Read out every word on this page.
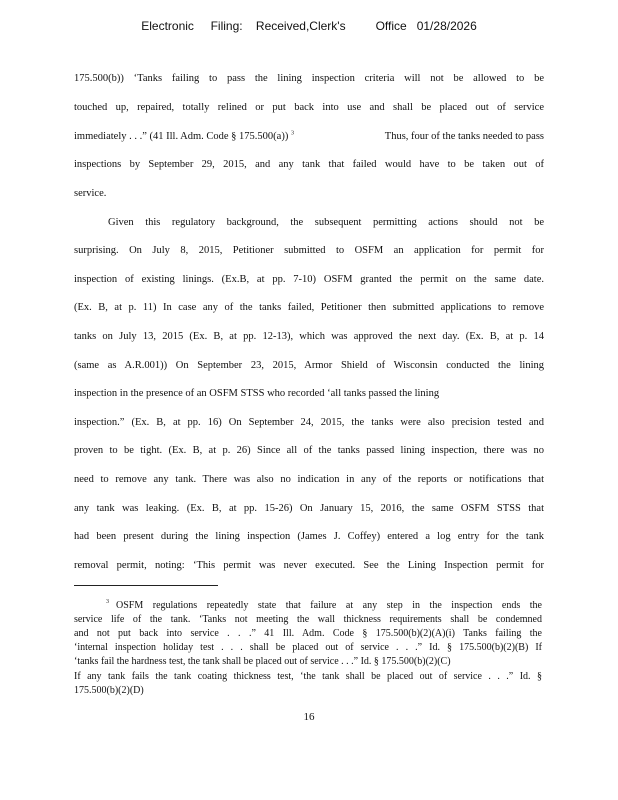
Electronic     Filing:    Received,Clerk's         Office   01/28/2026
175.500(b)) ‘Tanks failing to pass the lining inspection criteria will not be allowed to be
touched up, repaired, totally relined or put back into use and shall be placed out of service
immediately . . .” (41 Ill. Adm. Code § 175.500(a)) $^3$	Thus, four of the tanks needed to pass
inspections by September 29, 2015, and any tank that failed would have to be taken out of
service.
Given this regulatory background, the subsequent permitting actions should not be
surprising. On July 8, 2015, Petitioner submitted to OSFM an application for permit for
inspection of existing linings. (Ex.B, at pp. 7-10) OSFM granted the permit on the same date.
(Ex. B, at p. 11) In case any of the tanks failed, Petitioner then submitted applications to remove
tanks on July 13, 2015 (Ex. B, at pp. 12-13), which was approved the next day. (Ex. B, at p. 14
(same as A.R.001)) On September 23, 2015, Armor Shield of Wisconsin conducted the lining
inspection in the presence of an OSFM STSS who recorded ‘all tanks passed the lining
inspection.” (Ex. B, at pp. 16) On September 24, 2015, the tanks were also precision tested and
proven to be tight. (Ex. B, at p. 26) Since all of the tanks passed lining inspection, there was no
need to remove any tank. There was also no indication in any of the reports or notifications that
any tank was leaking. (Ex. B, at pp. 15-26) On January 15, 2016, the same OSFM STSS that
had been present during the lining inspection (James J. Coffey) entered a log entry for the tank
removal permit, noting: ‘This permit was never executed. See the Lining Inspection permit for
3 OSFM regulations repeatedly state that failure at any step in the inspection ends the
service life of the tank. ‘Tanks not meeting the wall thickness requirements shall be condemned
and not put back into service . . .” 41 Ill. Adm. Code § 175.500(b)(2)(A)(i) Tanks failing the
‘internal inspection holiday test . . . shall be placed out of service . . .” Id. § 175.500(b)(2)(B) If
‘tanks fail the hardness test, the tank shall be placed out of service . . .” Id. § 175.500(b)(2)(C)
If any tank fails the tank coating thickness test, ‘the tank shall be placed out of service . . .” Id. §
175.500(b)(2)(D)
16
